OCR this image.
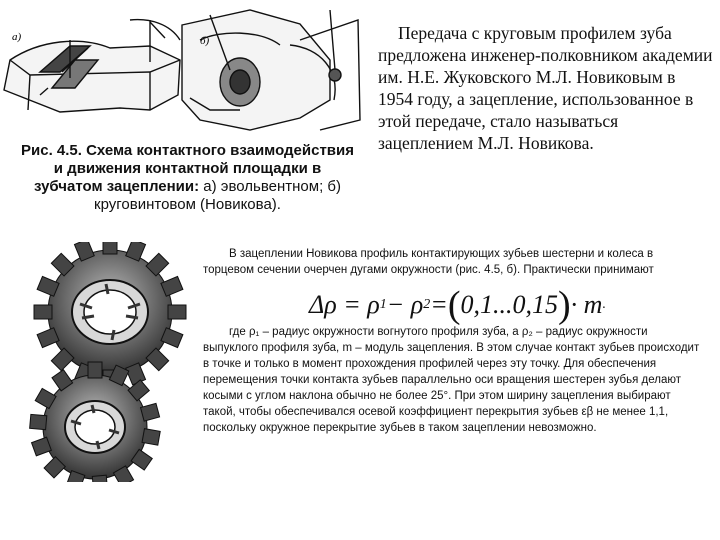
а)	б)
Рис. 4.5. Схема контактного взаимодействия и движения контактной площадки в зубчатом зацеплении: а) эвольвентном; б) круговинтовом (Новикова).
Передача с круговым профилем зуба предложена инженер-полковником академии им. Н.Е. Жуковского М.Л. Новиковым в 1954 году, а зацепление, использованное в этой передаче, стало называться зацеплением М.Л. Новикова.
В зацеплении Новикова профиль контактирующих зубьев шестерни и колеса в торцевом сечении очерчен дугами окружности (рис. 4.5, б). Практически принимают
Δρ = ρ 1 − ρ 2 = ( 0,1...0,15 ) · m .
где ρ₁ – радиус окружности вогнутого профиля зуба, а ρ₂ – радиус окружности выпуклого профиля зуба, m – модуль зацепления. В этом случае контакт зубьев происходит в точке и только в момент прохождения профилей через эту точку. Для обеспечения перемещения точки контакта зубьев параллельно оси вращения шестерен зубья делают косыми с углом наклона обычно не более 25°. При этом ширину зацепления выбирают такой, чтобы обеспечивался осевой коэффициент перекрытия зубьев εβ не менее 1,1, поскольку окружное перекрытие зубьев в таком зацеплении невозможно.
